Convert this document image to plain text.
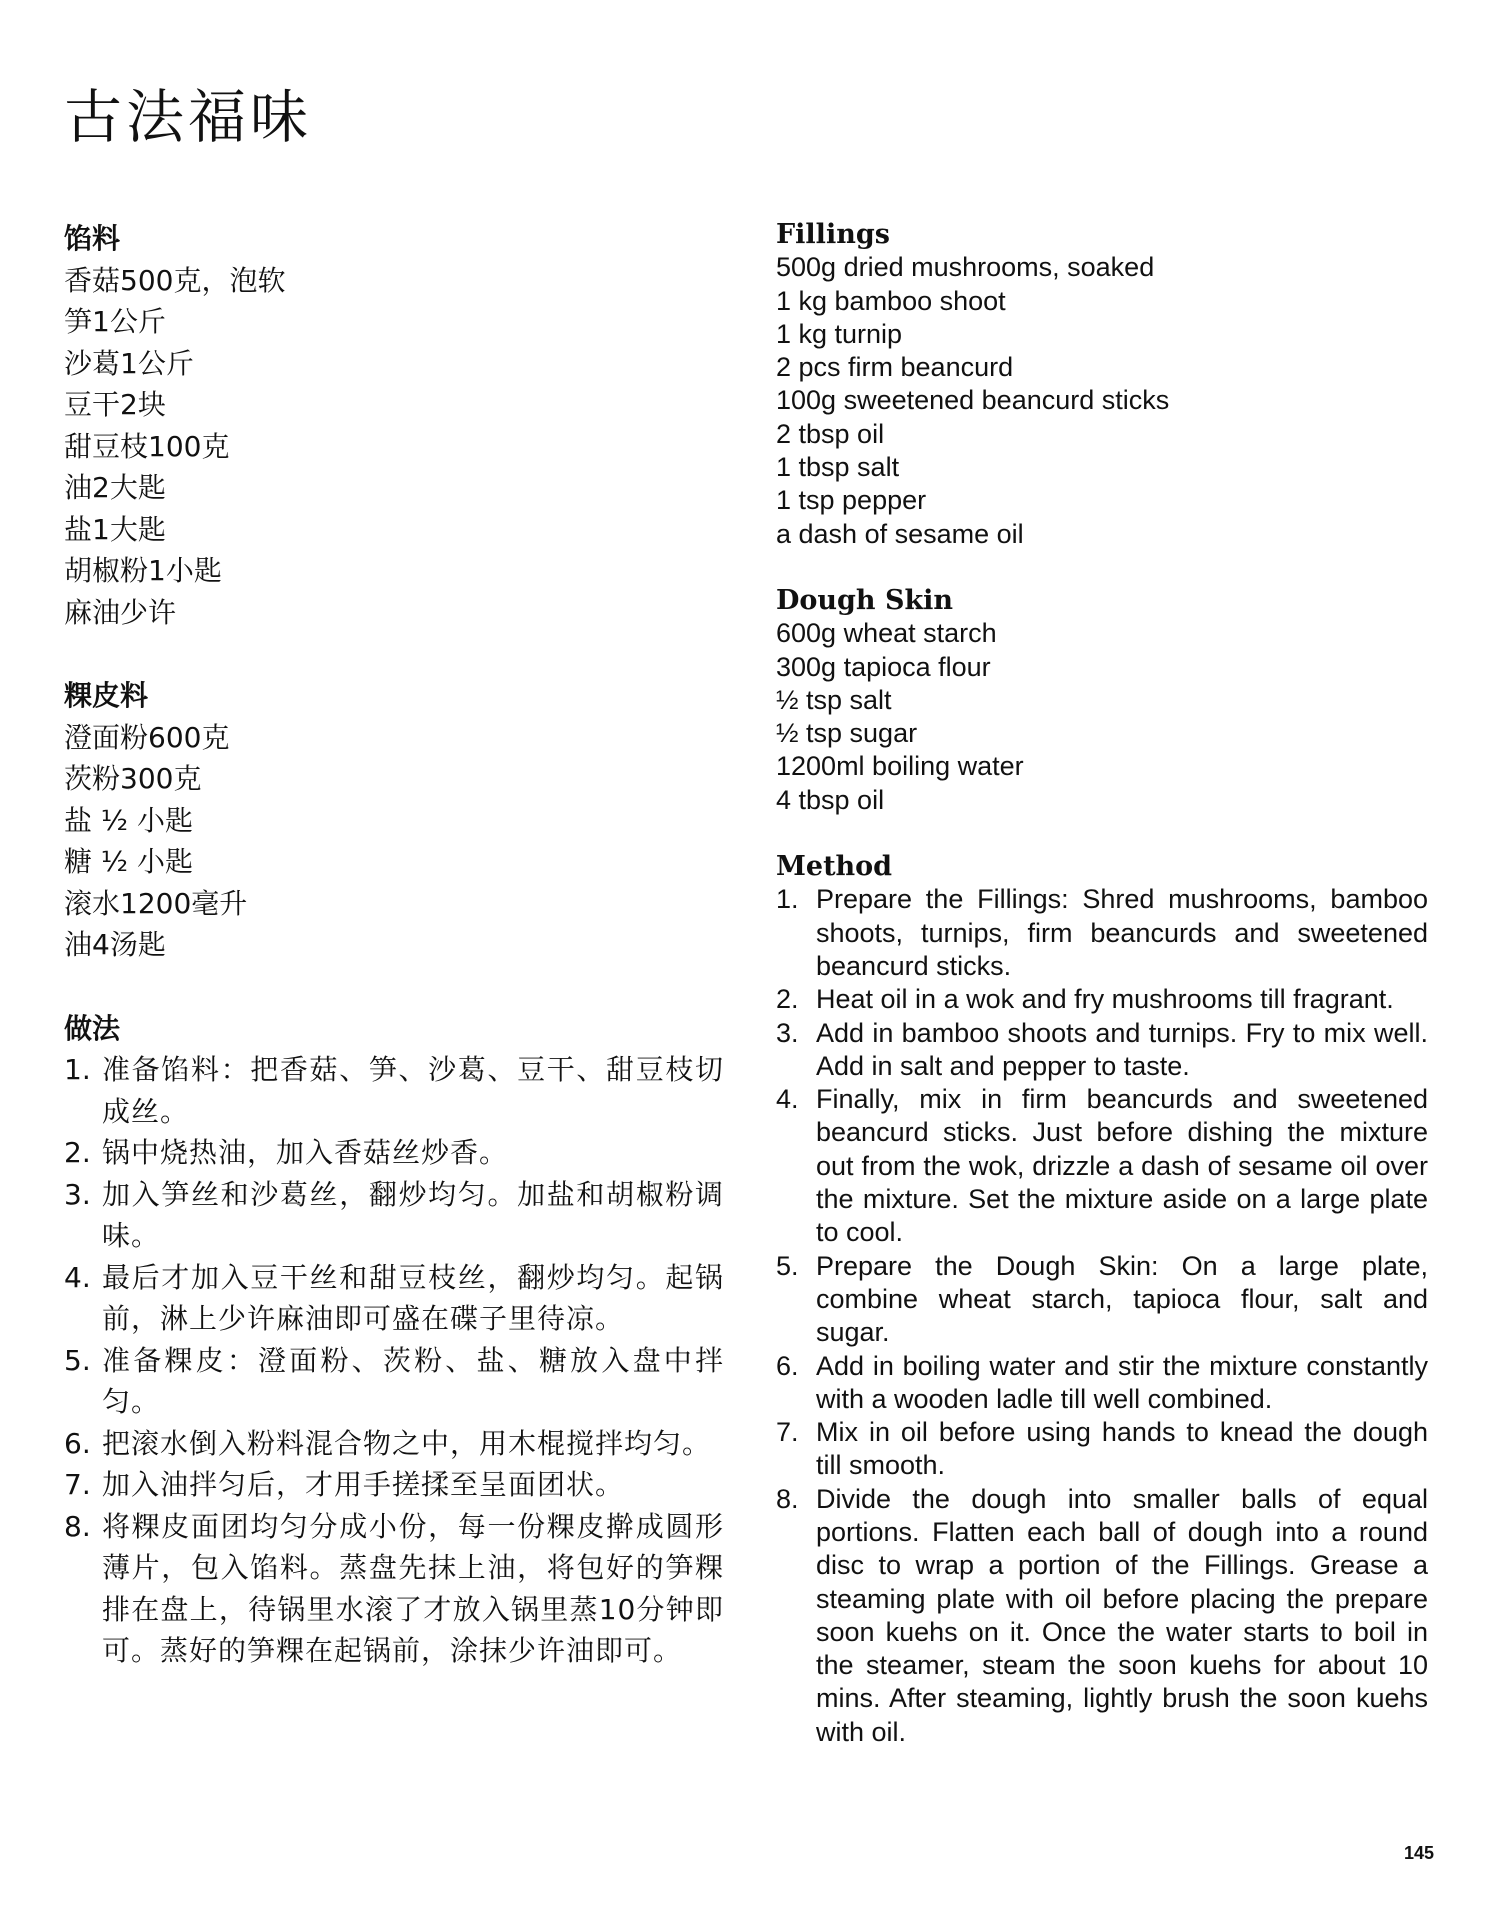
古法福味

馅料

香菇500克，泡软
笋1公斤
沙葛1公斤
豆干2块
甜豆枝100克
油2大匙
盐1大匙
胡椒粉1小匙
麻油少许

粿皮料

澄面粉600克
茨粉300克
盐 ½ 小匙
糖 ½ 小匙
滚水1200毫升
油4汤匙

做法

1. 准备馅料：把香菇、笋、沙葛、豆干、甜豆枝切成丝。
2. 锅中烧热油，加入香菇丝炒香。
3. 加入笋丝和沙葛丝，翻炒均匀。加盐和胡椒粉调味。
4. 最后才加入豆干丝和甜豆枝丝，翻炒均匀。起锅前，淋上少许麻油即可盛在碟子里待凉。
5. 准备粿皮：澄面粉、茨粉、盐、糖放入盘中拌匀。
6. 把滚水倒入粉料混合物之中，用木棍搅拌均匀。
7. 加入油拌匀后，才用手搓揉至呈面团状。
8. 将粿皮面团均匀分成小份，每一份粿皮擀成圆形薄片，包入馅料。蒸盘先抹上油，将包好的笋粿排在盘上，待锅里水滚了才放入锅里蒸10分钟即可。蒸好的笋粿在起锅前，涂抹少许油即可。

Fillings

500g dried mushrooms, soaked
1 kg bamboo shoot
1 kg turnip
2 pcs firm beancurd
100g sweetened beancurd sticks
2 tbsp oil
1 tbsp salt
1 tsp pepper
a dash of sesame oil

Dough Skin

600g wheat starch
300g tapioca flour
½ tsp salt
½ tsp sugar
1200ml boiling water
4 tbsp oil

Method

1. Prepare the Fillings: Shred mushrooms, bamboo shoots, turnips, firm beancurds and sweetened beancurd sticks.
2. Heat oil in a wok and fry mushrooms till fragrant.
3. Add in bamboo shoots and turnips. Fry to mix well. Add in salt and pepper to taste.
4. Finally, mix in firm beancurds and sweetened beancurd sticks. Just before dishing the mixture out from the wok, drizzle a dash of sesame oil over the mixture. Set the mixture aside on a large plate to cool.
5. Prepare the Dough Skin: On a large plate, combine wheat starch, tapioca flour, salt and sugar.
6. Add in boiling water and stir the mixture constantly with a wooden ladle till well combined.
7. Mix in oil before using hands to knead the dough till smooth.
8. Divide the dough into smaller balls of equal portions. Flatten each ball of dough into a round disc to wrap a portion of the Fillings. Grease a steaming plate with oil before placing the prepare soon kuehs on it. Once the water starts to boil in the steamer, steam the soon kuehs for about 10 mins. After steaming, lightly brush the soon kuehs with oil.
145
